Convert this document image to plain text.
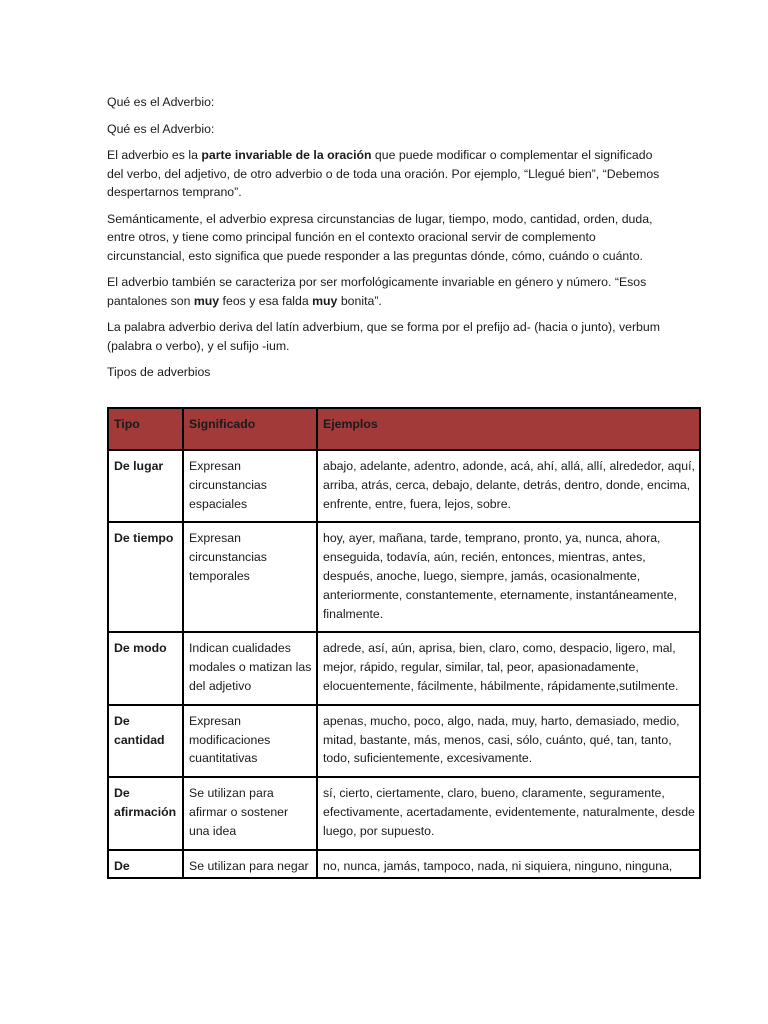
Qué es el Adverbio:

Qué es el Adverbio:

El adverbio es la parte invariable de la oración que puede modificar o complementar el significado del verbo, del adjetivo, de otro adverbio o de toda una oración. Por ejemplo, “Llegué bien”, “Debemos despertarnos temprano”.

Semánticamente, el adverbio expresa circunstancias de lugar, tiempo, modo, cantidad, orden, duda, entre otros, y tiene como principal función en el contexto oracional servir de complemento circunstancial, esto significa que puede responder a las preguntas dónde, cómo, cuándo o cuánto.

El adverbio también se caracteriza por ser morfológicamente invariable en género y número. “Esos pantalones son muy feos y esa falda muy bonita”.

La palabra adverbio deriva del latín adverbium, que se forma por el prefijo ad- (hacia o junto), verbum (palabra o verbo), y el sufijo -ium.

Tipos de adverbios

Tipo	Significado	Ejemplos
De lugar	Expresan circunstancias espaciales	abajo, adelante, adentro, adonde, acá, ahí, allá, allí, alrededor, aquí, arriba, atrás, cerca, debajo, delante, detrás, dentro, donde, encima, enfrente, entre, fuera, lejos, sobre.
De tiempo	Expresan circunstancias temporales	hoy, ayer, mañana, tarde, temprano, pronto, ya, nunca, ahora, enseguida, todavía, aún, recién, entonces, mientras, antes, después, anoche, luego, siempre, jamás, ocasionalmente, anteriormente, constantemente, eternamente, instantáneamente, finalmente.
De modo	Indican cualidades modales o matizan las del adjetivo	adrede, así, aún, aprisa, bien, claro, como, despacio, ligero, mal, mejor, rápido, regular, similar, tal, peor, apasionadamente, elocuentemente, fácilmente, hábilmente, rápidamente,sutilmente.
De cantidad	Expresan modificaciones cuantitativas	apenas, mucho, poco, algo, nada, muy, harto, demasiado, medio, mitad, bastante, más, menos, casi, sólo, cuánto, qué, tan, tanto, todo, suficientemente, excesivamente.
De afirmación	Se utilizan para afirmar o sostener una idea	sí, cierto, ciertamente, claro, bueno, claramente, seguramente, efectivamente, acertadamente, evidentemente, naturalmente, desde luego, por supuesto.
De	Se utilizan para negar	no, nunca, jamás, tampoco, nada, ni siquiera, ninguno, ninguna,
